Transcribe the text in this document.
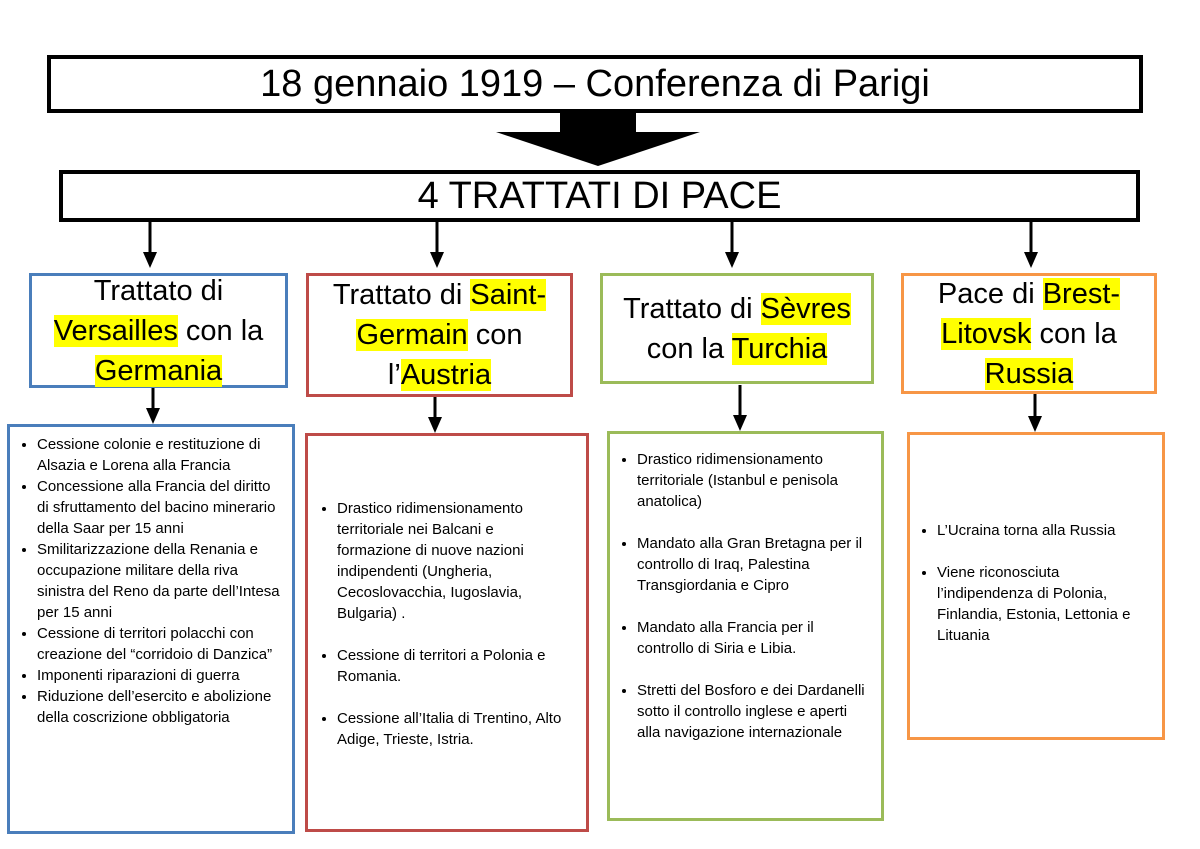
18 gennaio 1919 – Conferenza di Parigi
4 TRATTATI DI PACE
Trattato di
Versailles con la
Germania
Trattato di Saint-
Germain con
l’Austria
Trattato di Sèvres
con la Turchia
Pace di Brest-
Litovsk con la
Russia
• Cessione colonie e restituzione di Alsazia e Lorena alla Francia
• Concessione alla Francia del diritto di sfruttamento del bacino minerario della Saar per 15 anni
• Smilitarizzazione della Renania e occupazione militare della riva sinistra del Reno da parte dell’Intesa per 15 anni
• Cessione di territori polacchi con creazione del “corridoio di Danzica”
• Imponenti riparazioni di guerra
• Riduzione dell’esercito e abolizione della coscrizione obbligatoria
• Drastico ridimensionamento territoriale nei Balcani e formazione di nuove nazioni indipendenti (Ungheria, Cecoslovacchia, Iugoslavia, Bulgaria) .
• Cessione di territori a Polonia e Romania.
• Cessione all’Italia di Trentino, Alto Adige, Trieste, Istria.
• Drastico ridimensionamento territoriale (Istanbul e penisola anatolica)
• Mandato alla Gran Bretagna per il controllo di Iraq, Palestina Transgiordania e Cipro
• Mandato alla Francia per il controllo di Siria e Libia.
• Stretti del Bosforo e dei Dardanelli sotto il controllo inglese e aperti alla navigazione internazionale
• L’Ucraina torna alla Russia
• Viene riconosciuta l’indipendenza di Polonia, Finlandia, Estonia, Lettonia e Lituania
